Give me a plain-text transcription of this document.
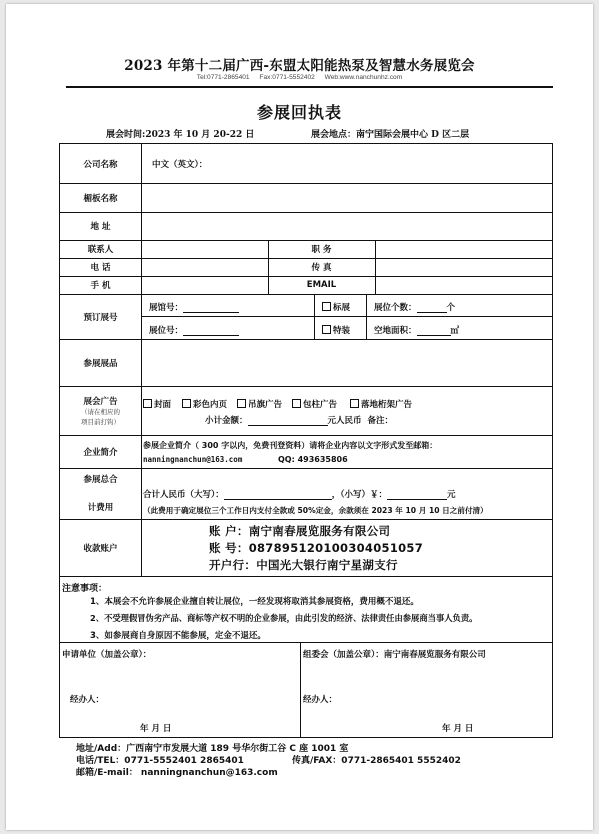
2023 年第十二届广西-东盟太阳能热泵及智慧水务展览会
Tel:0771-2865401 Fax:0771-5552402 Web:www.nanchunhz.com
参展回执表
展会时间:2023 年 10 月 20-22 日	展会地点：南宁国际会展中心 D 区二层
公司名称	中文（英文）：
楣板名称
地 址
联系人	职 务
电 话	传 真
手 机	EMAIL
预订展号
展馆号：	标展	展位个数：	个
展位号：	特装	空地面积：	㎡
参展展品
展会广告
（请在相应的
项目前打钩）
封面	彩色内页	吊旗广告	包柱广告	落地桁架广告
小计金额：	元人民币 备注：
企业简介
参展企业简介（ 300 字以内，免费刊登资料）请将企业内容以文字形式发至邮箱：
nanningnanchun@163.com	QQ: 493635806
参展总合
计费用
合计人民币（大写）：	，（小写）￥：	元
（此费用于确定展位三个工作日内支付全款或 50%定金，余款须在 2023 年 10 月 10 日之前付清）
收款账户
账 户：南宁南春展览服务有限公司
账 号：087895120100304051057
开户行：中国光大银行南宁星湖支行
注意事项：
1、本展会不允许参展企业擅自转让展位，一经发现将取消其参展资格，费用概不退还。
2、不受理假冒伪劣产品、商标等产权不明的企业参展，由此引发的经济、法律责任由参展商当事人负责。
3、如参展商自身原因不能参展，定金不退还。
申请单位（加盖公章）：	组委会（加盖公章）：南宁南春展览服务有限公司
经办人：	经办人：
年 月 日	年 月 日
地址/Add：广西南宁市发展大道 189 号华尔街工谷 C 座 1001 室
电话/TEL：0771-5552401 2865401	传真/FAX：0771-2865401 5552402
邮箱/E-mail： nanningnanchun@163.com
